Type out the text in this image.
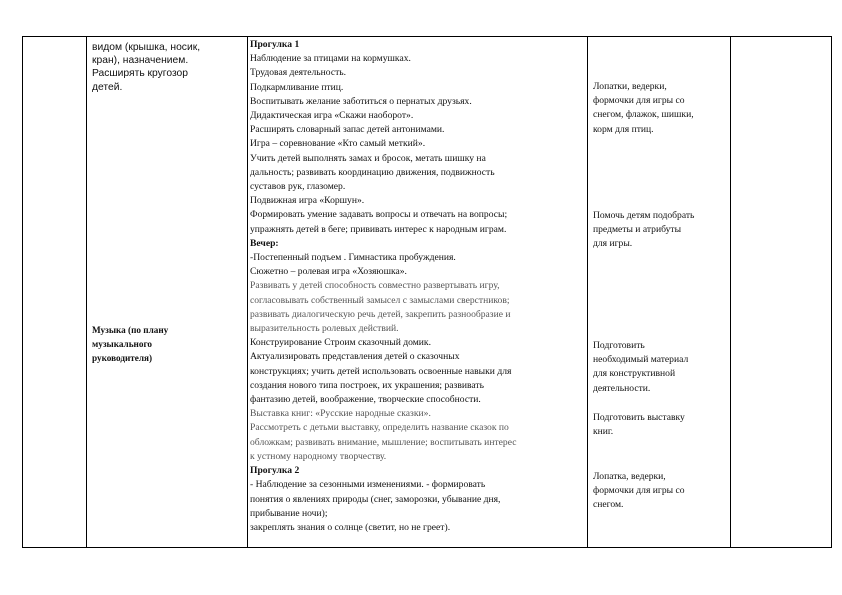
видом (крышка, носик,
кран), назначением.
Расширять кругозор
детей.
Музыка (по плану
музыкального
руководителя)
Прогулка 1
Наблюдение за птицами на кормушках.
Трудовая деятельность.
Подкармливание птиц.
Воспитывать желание заботиться о пернатых друзьях.
Дидактическая игра «Скажи наоборот».
Расширять словарный запас детей антонимами.
Игра – соревнование «Кто самый меткий».
Учить детей выполнять замах и бросок, метать шишку на
дальность; развивать координацию движения, подвижность
суставов рук, глазомер.
Подвижная игра «Коршун».
Формировать умение задавать вопросы и отвечать на вопросы;
упражнять детей в беге; прививать интерес к народным играм.
Вечер:
-Постепенный подъем . Гимнастика пробуждения.
Сюжетно – ролевая игра «Хозяюшка».
Развивать у детей способность совместно развертывать игру,
согласовывать собственный замысел с замыслами сверстников;
развивать диалогическую речь детей, закрепить разнообразие и
выразительность ролевых действий.
Конструирование Строим сказочный домик.
Актуализировать представления детей о сказочных
конструкциях; учить детей использовать освоенные навыки для
создания нового типа построек, их украшения; развивать
фантазию детей, воображение, творческие способности.
Выставка книг: «Русские народные сказки».
Рассмотреть с детьми выставку, определить название сказок по
обложкам; развивать внимание, мышление; воспитывать интерес
к устному народному творчеству.
Прогулка 2
- Наблюдение за сезонными изменениями. - формировать
понятия о явлениях природы (снег, заморозки, убывание дня,
прибывание ночи);
закреплять знания о солнце (светит, но не греет).
Лопатки, ведерки,
формочки для игры со
снегом, флажок, шишки,
корм для птиц.
Помочь детям подобрать
предметы и атрибуты
для игры.
Подготовить
необходимый материал
для конструктивной
деятельности.
Подготовить выставку
книг.
Лопатка, ведерки,
формочки для игры со
снегом.
